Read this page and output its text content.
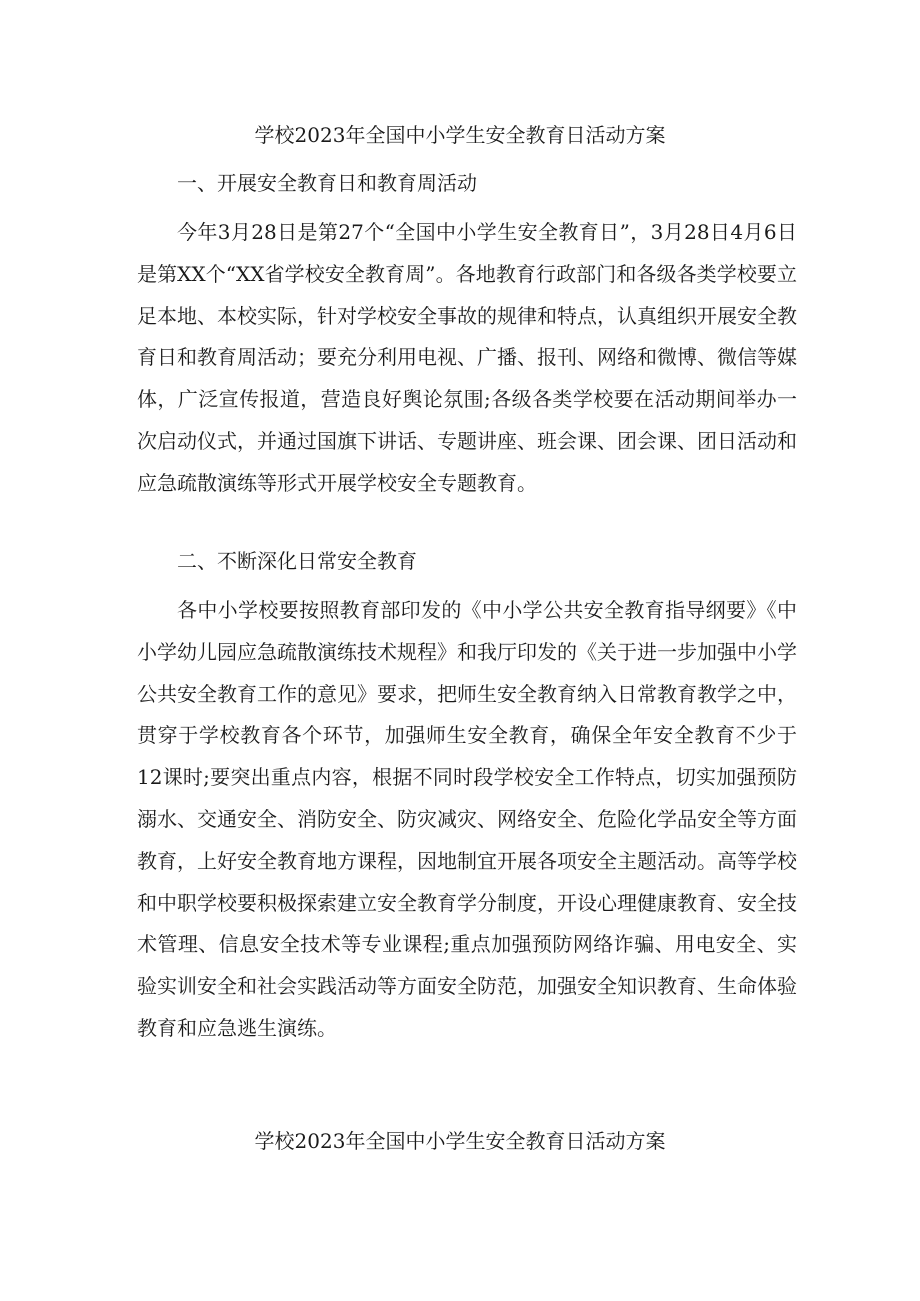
学校2023年全国中小学生安全教育日活动方案
一、开展安全教育日和教育周活动

今年3月28日是第27个“全国中小学生安全教育日”，3月28日4月6日是第XX个“XX省学校安全教育周”。各地教育行政部门和各级各类学校要立足本地、本校实际，针对学校安全事故的规律和特点，认真组织开展安全教育日和教育周活动；要充分利用电视、广播、报刊、网络和微博、微信等媒体，广泛宣传报道，营造良好舆论氛围;各级各类学校要在活动期间举办一次启动仪式，并通过国旗下讲话、专题讲座、班会课、团会课、团日活动和应急疏散演练等形式开展学校安全专题教育。

二、不断深化日常安全教育

各中小学校要按照教育部印发的《中小学公共安全教育指导纲要》《中小学幼儿园应急疏散演练技术规程》和我厅印发的《关于进一步加强中小学公共安全教育工作的意见》要求，把师生安全教育纳入日常教育教学之中，贯穿于学校教育各个环节，加强师生安全教育，确保全年安全教育不少于12课时;要突出重点内容，根据不同时段学校安全工作特点，切实加强预防溺水、交通安全、消防安全、防灾减灾、网络安全、危险化学品安全等方面教育，上好安全教育地方课程，因地制宜开展各项安全主题活动。高等学校和中职学校要积极探索建立安全教育学分制度，开设心理健康教育、安全技术管理、信息安全技术等专业课程;重点加强预防网络诈骗、用电安全、实验实训安全和社会实践活动等方面安全防范，加强安全知识教育、生命体验教育和应急逃生演练。

学校2023年全国中小学生安全教育日活动方案
